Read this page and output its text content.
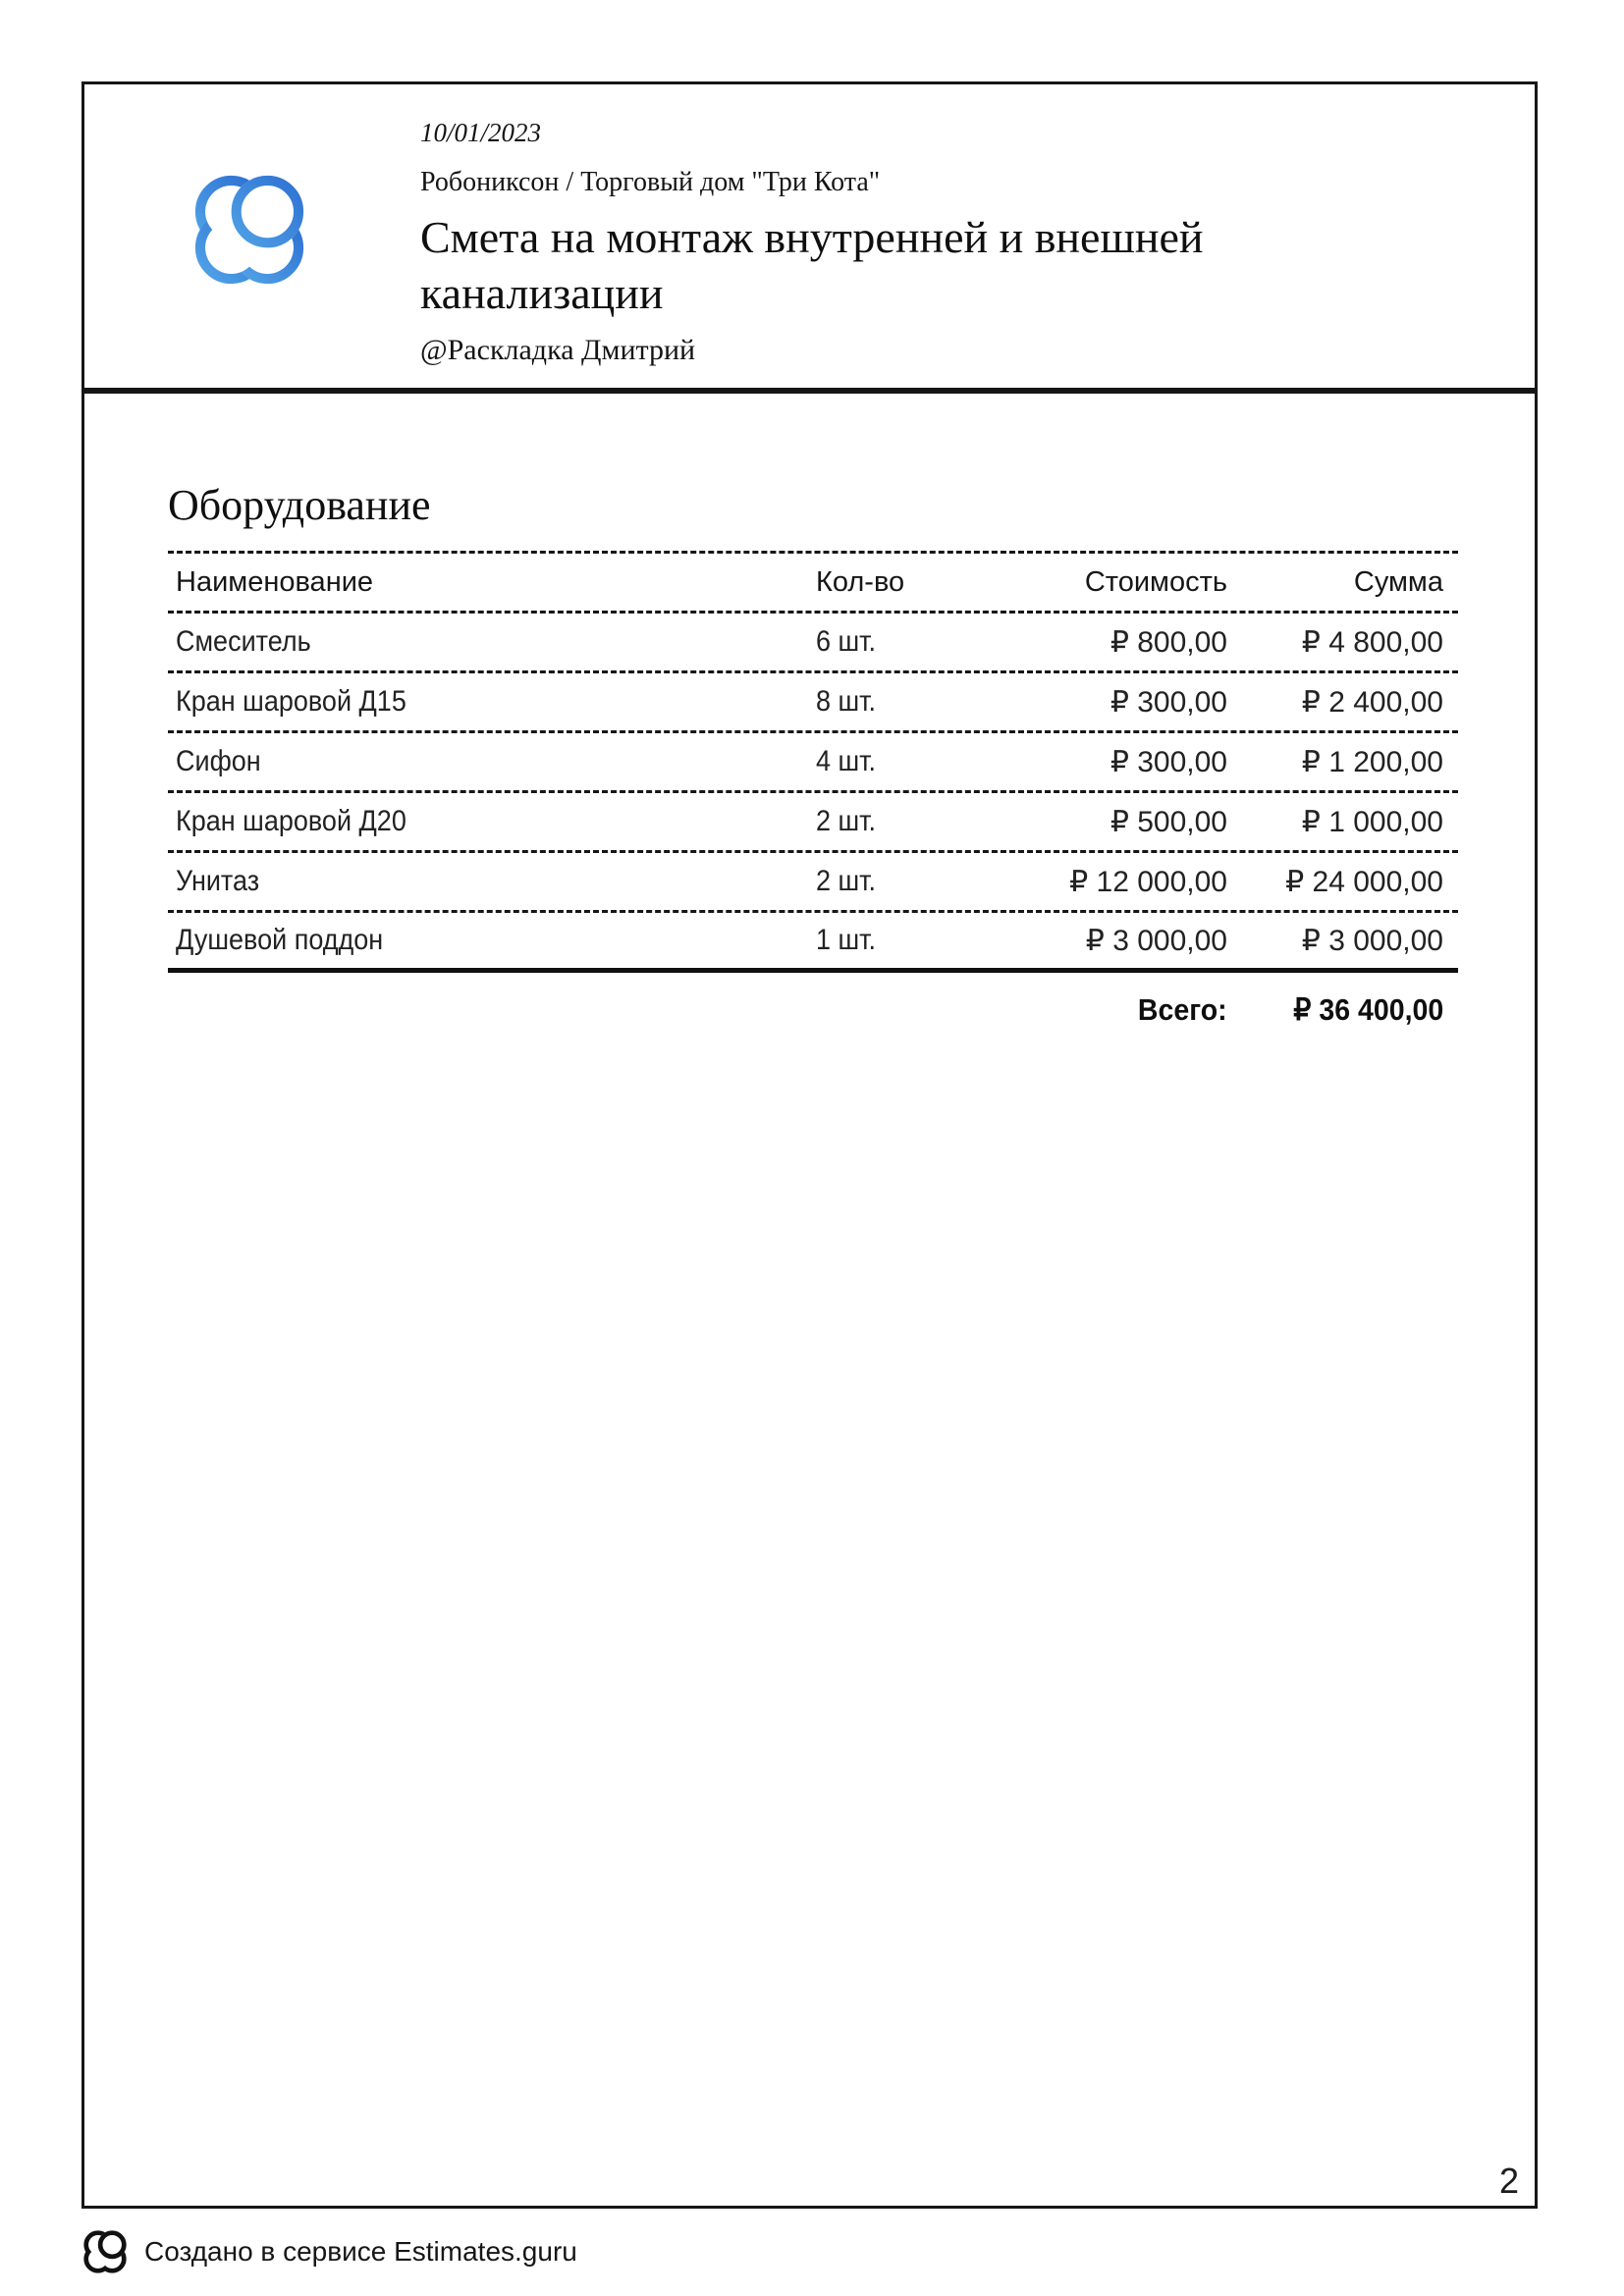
10/01/2023
Робониксон / Торговый дом "Три Кота"
Смета на монтаж внутренней и внешней канализации
@Раскладка Дмитрий
Оборудование
Наименование	Кол-во	Стоимость	Сумма
Смеситель	6 шт.	₽ 800,00	₽ 4 800,00
Кран шаровой Д15	8 шт.	₽ 300,00	₽ 2 400,00
Сифон	4 шт.	₽ 300,00	₽ 1 200,00
Кран шаровой Д20	2 шт.	₽ 500,00	₽ 1 000,00
Унитаз	2 шт.	₽ 12 000,00	₽ 24 000,00
Душевой поддон	1 шт.	₽ 3 000,00	₽ 3 000,00
Всего:	₽ 36 400,00
2
Создано в сервисе Estimates.guru
